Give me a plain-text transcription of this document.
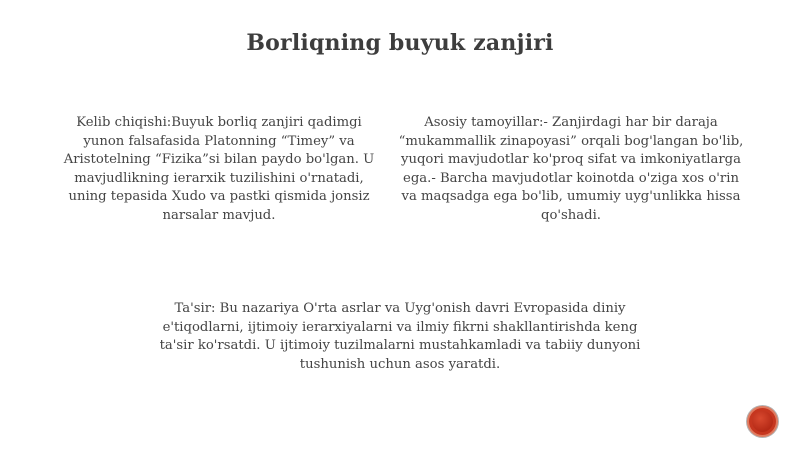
Borliqning buyuk zanjiri
Kelib chiqishi:Buyuk borliq zanjiri qadimgi yunon falsafasida Platonning “Timey” va Aristotelning “Fizika”si bilan paydo bo'lgan. U mavjudlikning ierarxik tuzilishini o'rnatadi, uning tepasida Xudo va pastki qismida jonsiz narsalar mavjud.
Asosiy tamoyillar:- Zanjirdagi har bir daraja “mukammallik zinapoyasi” orqali bog'langan bo'lib, yuqori mavjudotlar ko'proq sifat va imkoniyatlarga ega.- Barcha mavjudotlar koinotda o'ziga xos o'rin va maqsadga ega bo'lib, umumiy uyg'unlikka hissa qo'shadi.
Ta'sir: Bu nazariya O'rta asrlar va Uyg'onish davri Evropasida diniy e'tiqodlarni, ijtimoiy ierarxiyalarni va ilmiy fikrni shakllantirishda keng ta'sir ko'rsatdi. U ijtimoiy tuzilmalarni mustahkamladi va tabiiy dunyoni tushunish uchun asos yaratdi.
